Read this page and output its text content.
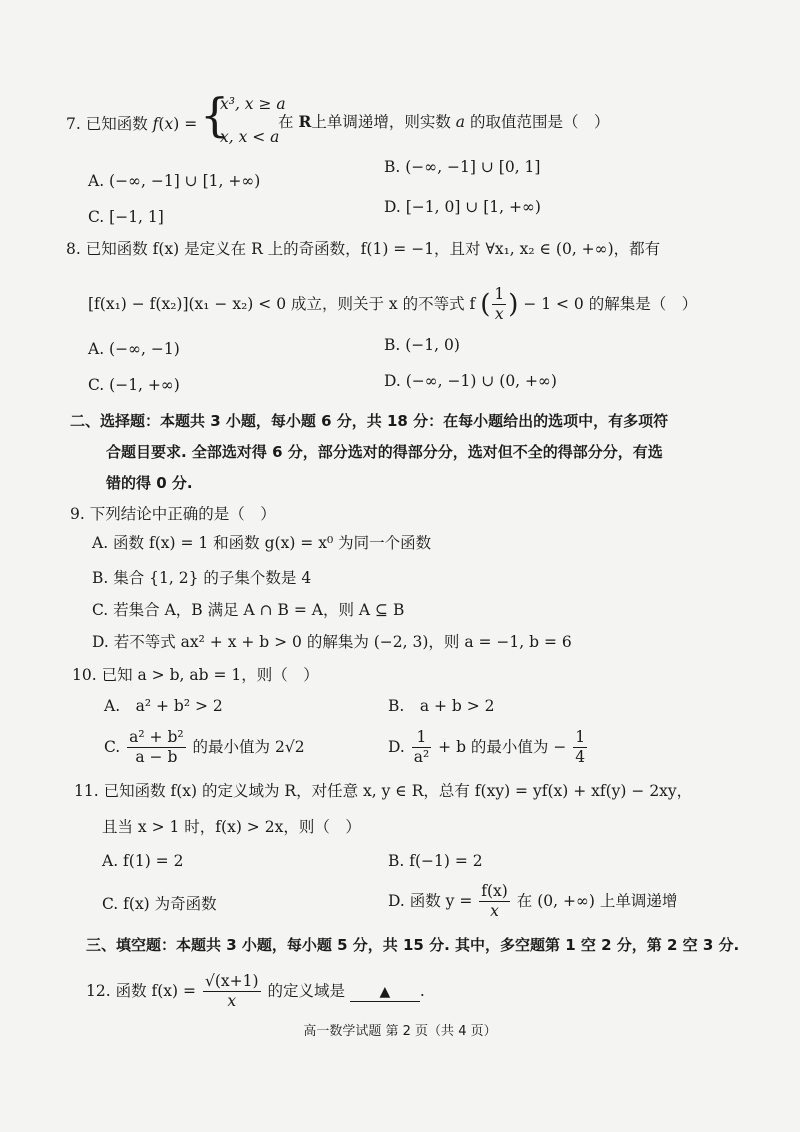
7. 已知函数 f(x) = {
x³, x ≥ a
x, x < a
在 R上单调递增，则实数 a 的取值范围是（　）
A. (−∞, −1] ∪ [1, +∞)
B. (−∞, −1] ∪ [0, 1]
C. [−1, 1]
D. [−1, 0] ∪ [1, +∞)
8. 已知函数 f(x) 是定义在 R 上的奇函数，f(1) = −1，且对 ∀x₁, x₂ ∈ (0, +∞)，都有
[f(x₁) − f(x₂)](x₁ − x₂) < 0 成立，则关于 x 的不等式 f ( $\frac{1}{x}$ ) − 1 < 0 的解集是（　）
A. (−∞, −1)	B. (−1, 0)
C. (−1, +∞)	D. (−∞, −1) ∪ (0, +∞)
二、选择题：本题共 3 小题，每小题 6 分，共 18 分：在每小题给出的选项中，有多项符
合题目要求. 全部选对得 6 分，部分选对的得部分分，选对但不全的得部分分，有选
错的得 0 分.
9. 下列结论中正确的是（　）
A. 函数 f(x) = 1 和函数 g(x) = x⁰ 为同一个函数
B. 集合 {1, 2} 的子集个数是 4
C. 若集合 A，B 满足 A ∩ B = A，则 A ⊆ B
D. 若不等式 ax² + x + b > 0 的解集为 (−2, 3)，则 a = −1, b = 6
10. 已知 a > b, ab = 1，则（　）
A.　a² + b² > 2	B.　a + b > 2
C. $\frac{\text{a² + b²}}{a - b}$ 的最小值为 2√2	D. $\frac{1}{\text{a²}} + b$ 的最小值为 − $\frac{1}{4}$
11. 已知函数 f(x) 的定义域为 R，对任意 x, y ∈ R，总有 f(xy) = yf(x) + xf(y) − 2xy，
且当 x > 1 时，f(x) > 2x，则（　）
A. f(1) = 2	B. f(−1) = 2
C. f(x) 为奇函数	D. 函数 $y = \frac{f(x)}{x}$ 在 (0, +∞) 上单调递增
三、填空题：本题共 3 小题，每小题 5 分，共 15 分. 其中，多空题第 1 空 2 分，第 2 空 3 分.
12. 函数 $f(x) = \frac{√(x+1)}{x}$ 的定义域是 ▲ .
高一数学试题 第 2 页（共 4 页）
